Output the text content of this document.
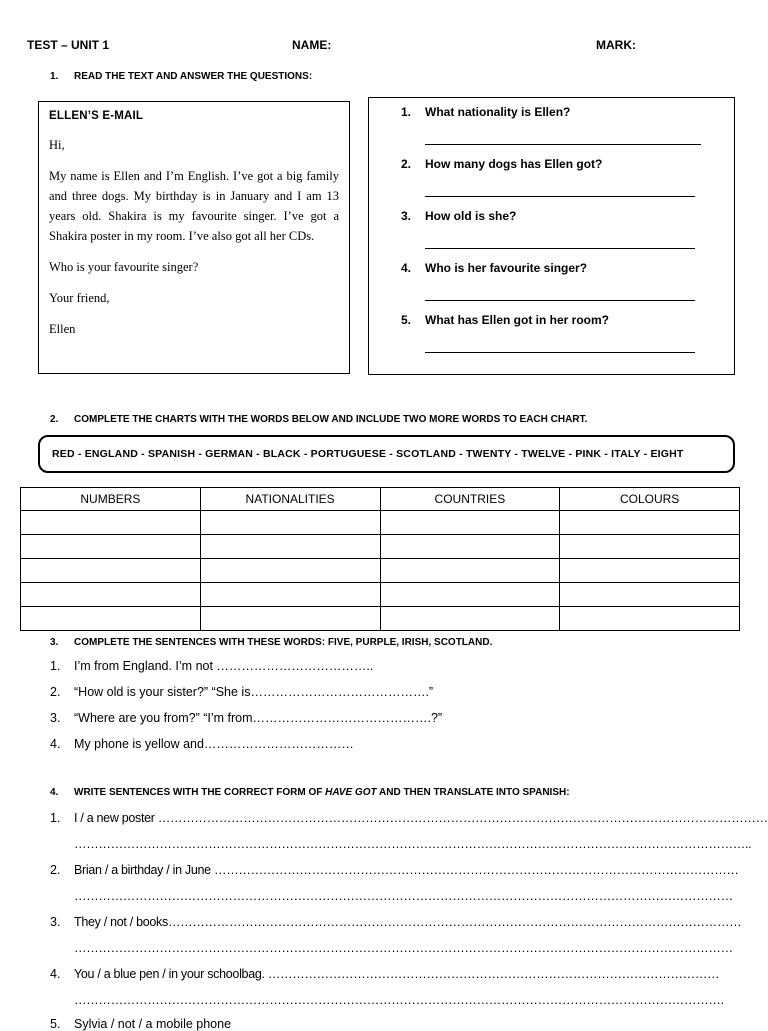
TEST – UNIT 1	NAME:	MARK:
1. READ THE TEXT AND ANSWER THE QUESTIONS:
ELLEN’S E-MAIL

Hi,

My name is Ellen and I’m English. I’ve got a big family and three dogs. My birthday is in January and I am 13 years old. Shakira is my favourite singer. I’ve got a Shakira poster in my room. I’ve also got all her CDs.

Who is your favourite singer?

Your friend,

Ellen

1. What nationality is Ellen?
2. How many dogs has Ellen got?
3. How old is she?
4. Who is her favourite singer?
5. What has Ellen got in her room?
2. COMPLETE THE CHARTS WITH THE WORDS BELOW AND INCLUDE TWO MORE WORDS TO EACH CHART.
RED - ENGLAND - SPANISH - GERMAN - BLACK - PORTUGUESE - SCOTLAND - TWENTY - TWELVE - PINK - ITALY - EIGHT
NUMBERS	NATIONALITIES	COUNTRIES	COLOURS

3. COMPLETE THE SENTENCES WITH THESE WORDS: FIVE, PURPLE, IRISH, SCOTLAND.
1. I’m from England. I’m not ………………………………..
2. “How old is your sister?” “She is…………………………………….”
3. “Where are you from?” “I’m from…………………………………….?”
4. My phone is yellow and………………………………
4. WRITE SENTENCES WITH THE CORRECT FORM OF HAVE GOT AND THEN TRANSLATE INTO SPANISH:
1. I / a new poster ……………………………………………………………………………………………………………………………………
…………………………………………………………………………………………………………………………………………………..
2. Brian / a birthday / in June …………………………………………………………………………………………………………………
………………………………………………………………………………………………………………………………………………
3. They / not / books……………………………………………………………………………………………………………………………
………………………………………………………………………………………………………………………………………………
4. You / a blue pen / in your schoolbag. …………………………………………………………………………………………………
…………………………………………………………………………………………………………………………………………….
5. Sylvia / not / a mobile phone
